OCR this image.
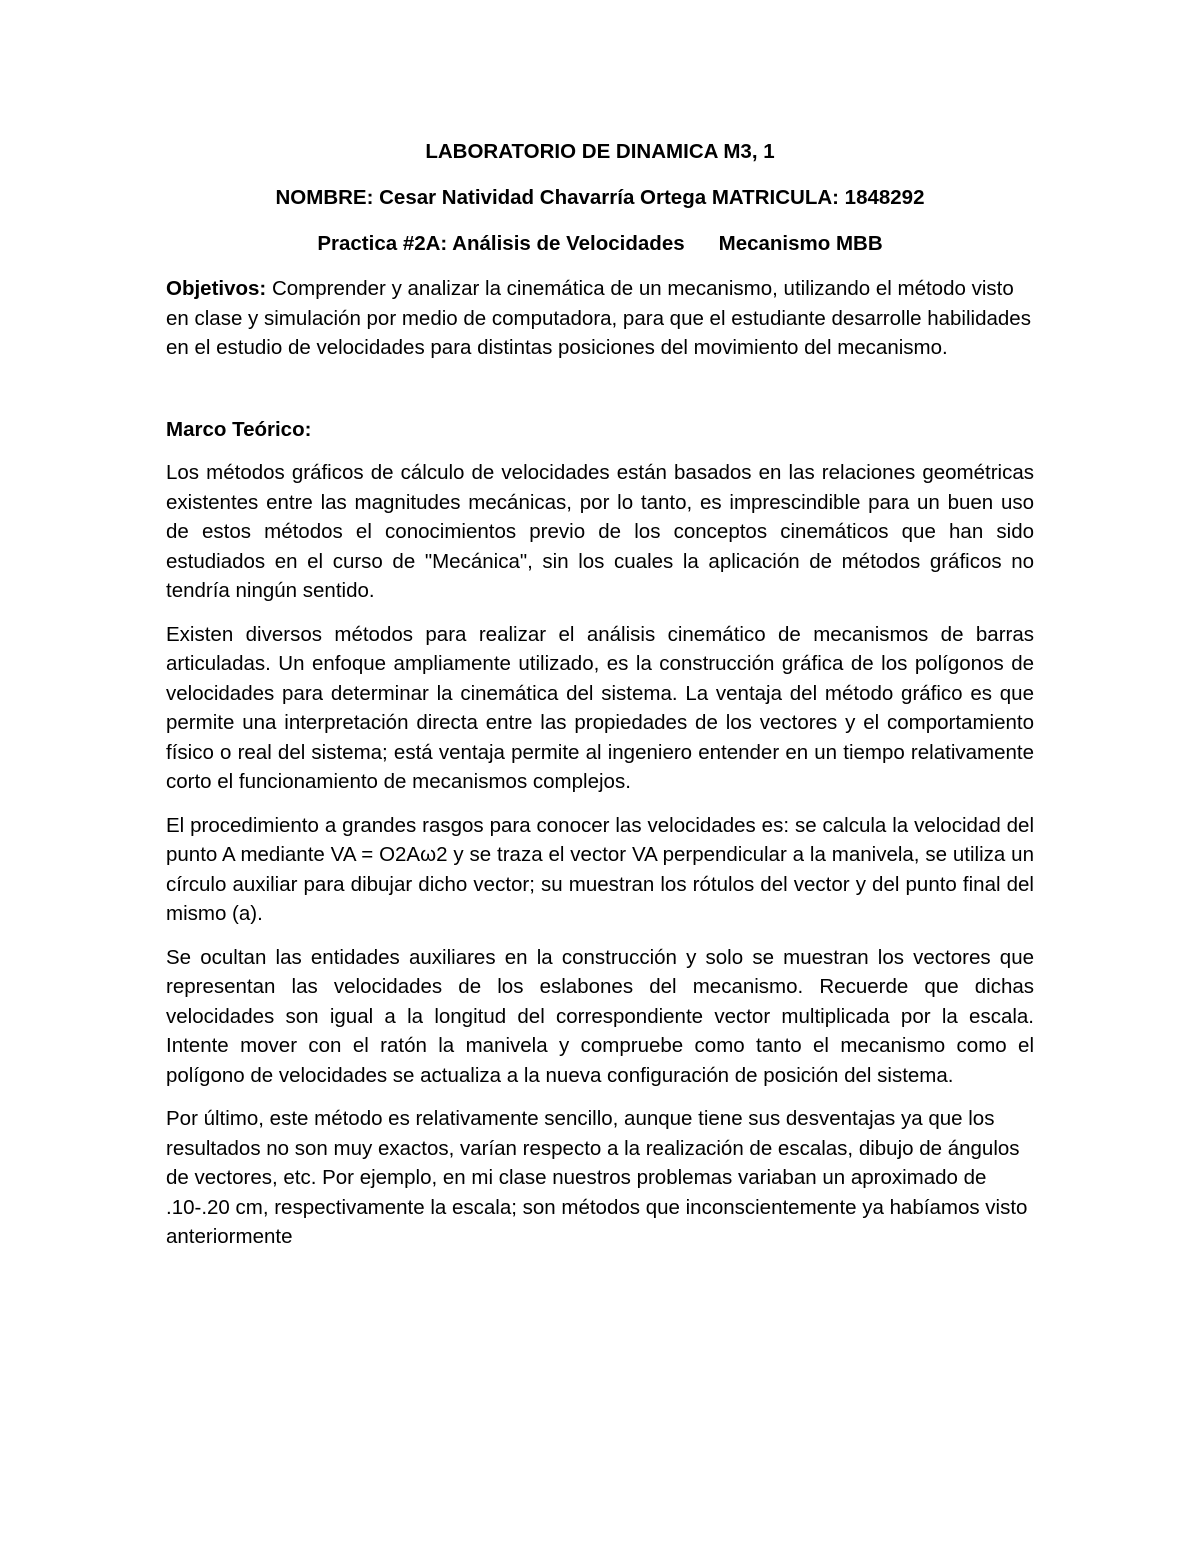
LABORATORIO DE DINAMICA M3, 1

NOMBRE: Cesar Natividad Chavarría Ortega MATRICULA: 1848292

Practica #2A: Análisis de Velocidades Mecanismo MBB

Objetivos: Comprender y analizar la cinemática de un mecanismo, utilizando el método visto en clase y simulación por medio de computadora, para que el estudiante desarrolle habilidades en el estudio de velocidades para distintas posiciones del movimiento del mecanismo.

Marco Teórico:

Los métodos gráficos de cálculo de velocidades están basados en las relaciones geométricas existentes entre las magnitudes mecánicas, por lo tanto, es imprescindible para un buen uso de estos métodos el conocimientos previo de los conceptos cinemáticos que han sido estudiados en el curso de "Mecánica", sin los cuales la aplicación de métodos gráficos no tendría ningún sentido.

Existen diversos métodos para realizar el análisis cinemático de mecanismos de barras articuladas. Un enfoque ampliamente utilizado, es la construcción gráfica de los polígonos de velocidades para determinar la cinemática del sistema. La ventaja del método gráfico es que permite una interpretación directa entre las propiedades de los vectores y el comportamiento físico o real del sistema; está ventaja permite al ingeniero entender en un tiempo relativamente corto el funcionamiento de mecanismos complejos.

El procedimiento a grandes rasgos para conocer las velocidades es: se calcula la velocidad del punto A mediante VA = O2Aω2 y se traza el vector VA perpendicular a la manivela, se utiliza un círculo auxiliar para dibujar dicho vector; su muestran los rótulos del vector y del punto final del mismo (a).

Se ocultan las entidades auxiliares en la construcción y solo se muestran los vectores que representan las velocidades de los eslabones del mecanismo. Recuerde que dichas velocidades son igual a la longitud del correspondiente vector multiplicada por la escala. Intente mover con el ratón la manivela y compruebe como tanto el mecanismo como el polígono de velocidades se actualiza a la nueva configuración de posición del sistema.

Por último, este método es relativamente sencillo, aunque tiene sus desventajas ya que los resultados no son muy exactos, varían respecto a la realización de escalas, dibujo de ángulos de vectores, etc. Por ejemplo, en mi clase nuestros problemas variaban un aproximado de .10-.20 cm, respectivamente la escala; son métodos que inconscientemente ya habíamos visto anteriormente
